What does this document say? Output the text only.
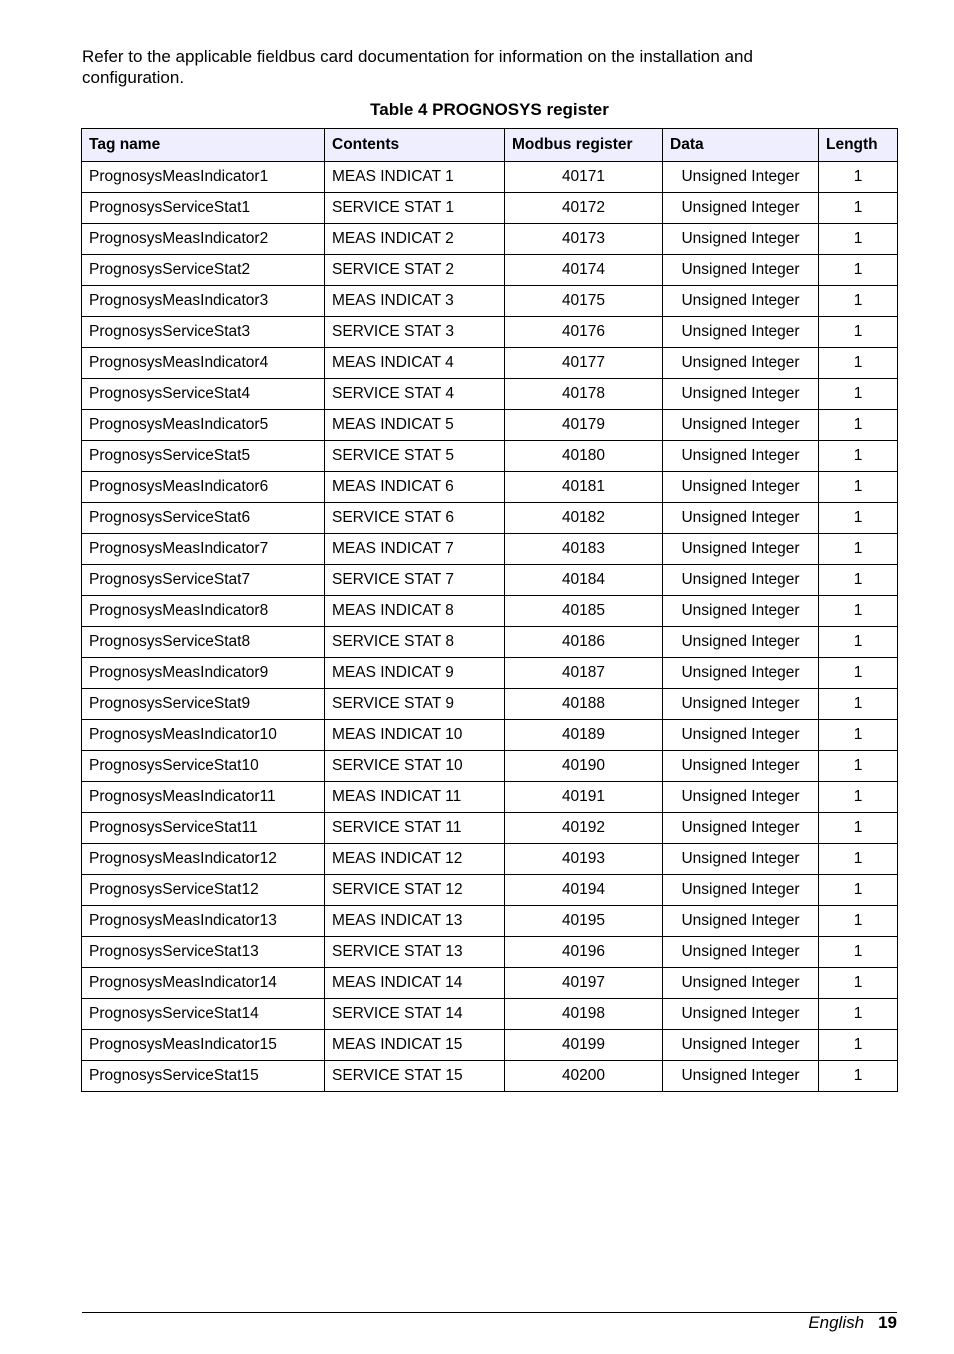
Refer to the applicable fieldbus card documentation for information on the installation and configuration.

Table 4 PROGNOSYS register

Tag name	Contents	Modbus register	Data	Length
PrognosysMeasIndicator1	MEAS INDICAT 1	40171	Unsigned Integer	1
PrognosysServiceStat1	SERVICE STAT 1	40172	Unsigned Integer	1
PrognosysMeasIndicator2	MEAS INDICAT 2	40173	Unsigned Integer	1
PrognosysServiceStat2	SERVICE STAT 2	40174	Unsigned Integer	1
PrognosysMeasIndicator3	MEAS INDICAT 3	40175	Unsigned Integer	1
PrognosysServiceStat3	SERVICE STAT 3	40176	Unsigned Integer	1
PrognosysMeasIndicator4	MEAS INDICAT 4	40177	Unsigned Integer	1
PrognosysServiceStat4	SERVICE STAT 4	40178	Unsigned Integer	1
PrognosysMeasIndicator5	MEAS INDICAT 5	40179	Unsigned Integer	1
PrognosysServiceStat5	SERVICE STAT 5	40180	Unsigned Integer	1
PrognosysMeasIndicator6	MEAS INDICAT 6	40181	Unsigned Integer	1
PrognosysServiceStat6	SERVICE STAT 6	40182	Unsigned Integer	1
PrognosysMeasIndicator7	MEAS INDICAT 7	40183	Unsigned Integer	1
PrognosysServiceStat7	SERVICE STAT 7	40184	Unsigned Integer	1
PrognosysMeasIndicator8	MEAS INDICAT 8	40185	Unsigned Integer	1
PrognosysServiceStat8	SERVICE STAT 8	40186	Unsigned Integer	1
PrognosysMeasIndicator9	MEAS INDICAT 9	40187	Unsigned Integer	1
PrognosysServiceStat9	SERVICE STAT 9	40188	Unsigned Integer	1
PrognosysMeasIndicator10	MEAS INDICAT 10	40189	Unsigned Integer	1
PrognosysServiceStat10	SERVICE STAT 10	40190	Unsigned Integer	1
PrognosysMeasIndicator11	MEAS INDICAT 11	40191	Unsigned Integer	1
PrognosysServiceStat11	SERVICE STAT 11	40192	Unsigned Integer	1
PrognosysMeasIndicator12	MEAS INDICAT 12	40193	Unsigned Integer	1
PrognosysServiceStat12	SERVICE STAT 12	40194	Unsigned Integer	1
PrognosysMeasIndicator13	MEAS INDICAT 13	40195	Unsigned Integer	1
PrognosysServiceStat13	SERVICE STAT 13	40196	Unsigned Integer	1
PrognosysMeasIndicator14	MEAS INDICAT 14	40197	Unsigned Integer	1
PrognosysServiceStat14	SERVICE STAT 14	40198	Unsigned Integer	1
PrognosysMeasIndicator15	MEAS INDICAT 15	40199	Unsigned Integer	1
PrognosysServiceStat15	SERVICE STAT 15	40200	Unsigned Integer	1
English 19
